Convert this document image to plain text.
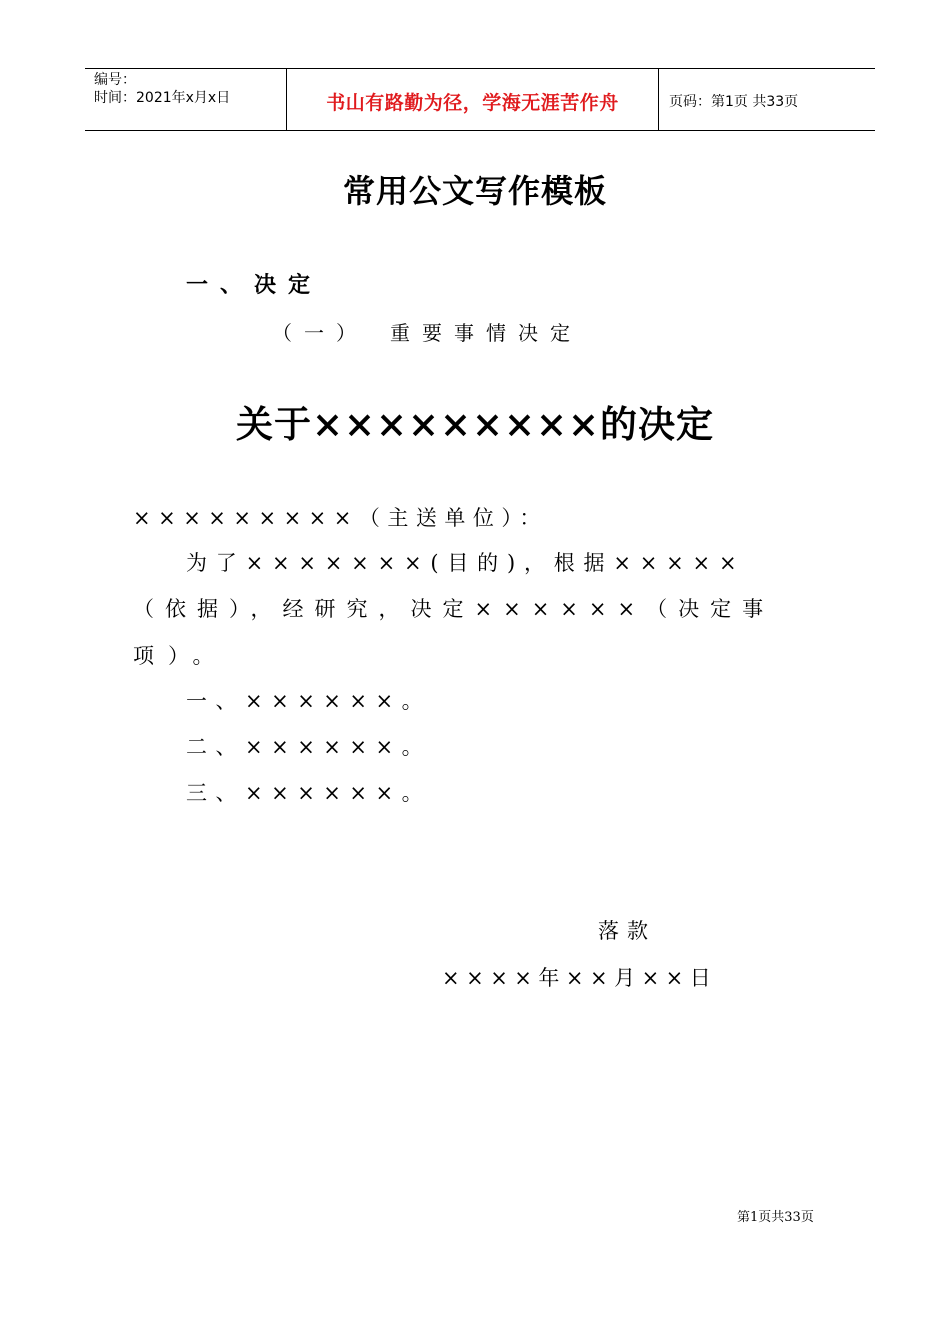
编号：
时间：2021年x月x日	书山有路勤为径，学海无涯苦作舟	页码：第1页 共33页
常用公文写作模板
一、决定
（一）　重要事情决定
关于×××××××××的决定
×××××××××（主送单位）：
为了×××××××(目的)，根据×××××
（依据），经研究，决定××××××（决定事
项）。
一、××××××。
二、××××××。
三、××××××。
落款
××××年××月××日
第1页共33页
